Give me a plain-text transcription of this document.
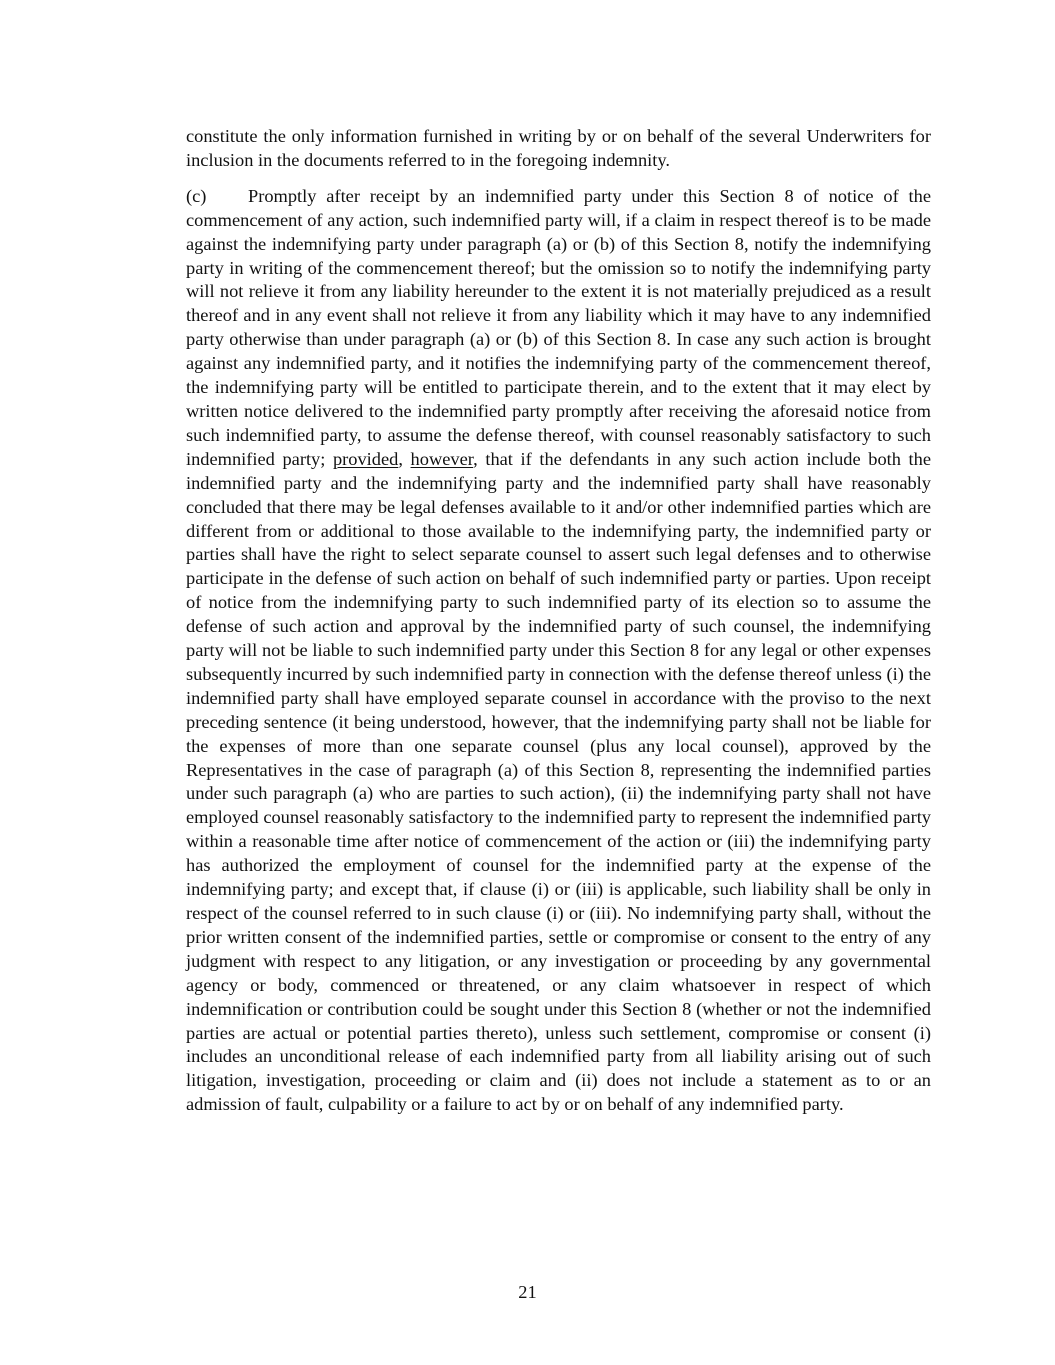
constitute the only information furnished in writing by or on behalf of the several Underwriters for inclusion in the documents referred to in the foregoing indemnity.

(c) Promptly after receipt by an indemnified party under this Section 8 of notice of the commencement of any action, such indemnified party will, if a claim in respect thereof is to be made against the indemnifying party under paragraph (a) or (b) of this Section 8, notify the indemnifying party in writing of the commencement thereof; but the omission so to notify the indemnifying party will not relieve it from any liability hereunder to the extent it is not materially prejudiced as a result thereof and in any event shall not relieve it from any liability which it may have to any indemnified party otherwise than under paragraph (a) or (b) of this Section 8. In case any such action is brought against any indemnified party, and it notifies the indemnifying party of the commencement thereof, the indemnifying party will be entitled to participate therein, and to the extent that it may elect by written notice delivered to the indemnified party promptly after receiving the aforesaid notice from such indemnified party, to assume the defense thereof, with counsel reasonably satisfactory to such indemnified party; provided, however, that if the defendants in any such action include both the indemnified party and the indemnifying party and the indemnified party shall have reasonably concluded that there may be legal defenses available to it and/or other indemnified parties which are different from or additional to those available to the indemnifying party, the indemnified party or parties shall have the right to select separate counsel to assert such legal defenses and to otherwise participate in the defense of such action on behalf of such indemnified party or parties. Upon receipt of notice from the indemnifying party to such indemnified party of its election so to assume the defense of such action and approval by the indemnified party of such counsel, the indemnifying party will not be liable to such indemnified party under this Section 8 for any legal or other expenses subsequently incurred by such indemnified party in connection with the defense thereof unless (i) the indemnified party shall have employed separate counsel in accordance with the proviso to the next preceding sentence (it being understood, however, that the indemnifying party shall not be liable for the expenses of more than one separate counsel (plus any local counsel), approved by the Representatives in the case of paragraph (a) of this Section 8, representing the indemnified parties under such paragraph (a) who are parties to such action), (ii) the indemnifying party shall not have employed counsel reasonably satisfactory to the indemnified party to represent the indemnified party within a reasonable time after notice of commencement of the action or (iii) the indemnifying party has authorized the employment of counsel for the indemnified party at the expense of the indemnifying party; and except that, if clause (i) or (iii) is applicable, such liability shall be only in respect of the counsel referred to in such clause (i) or (iii). No indemnifying party shall, without the prior written consent of the indemnified parties, settle or compromise or consent to the entry of any judgment with respect to any litigation, or any investigation or proceeding by any governmental agency or body, commenced or threatened, or any claim whatsoever in respect of which indemnification or contribution could be sought under this Section 8 (whether or not the indemnified parties are actual or potential parties thereto), unless such settlement, compromise or consent (i) includes an unconditional release of each indemnified party from all liability arising out of such litigation, investigation, proceeding or claim and (ii) does not include a statement as to or an admission of fault, culpability or a failure to act by or on behalf of any indemnified party.

21
